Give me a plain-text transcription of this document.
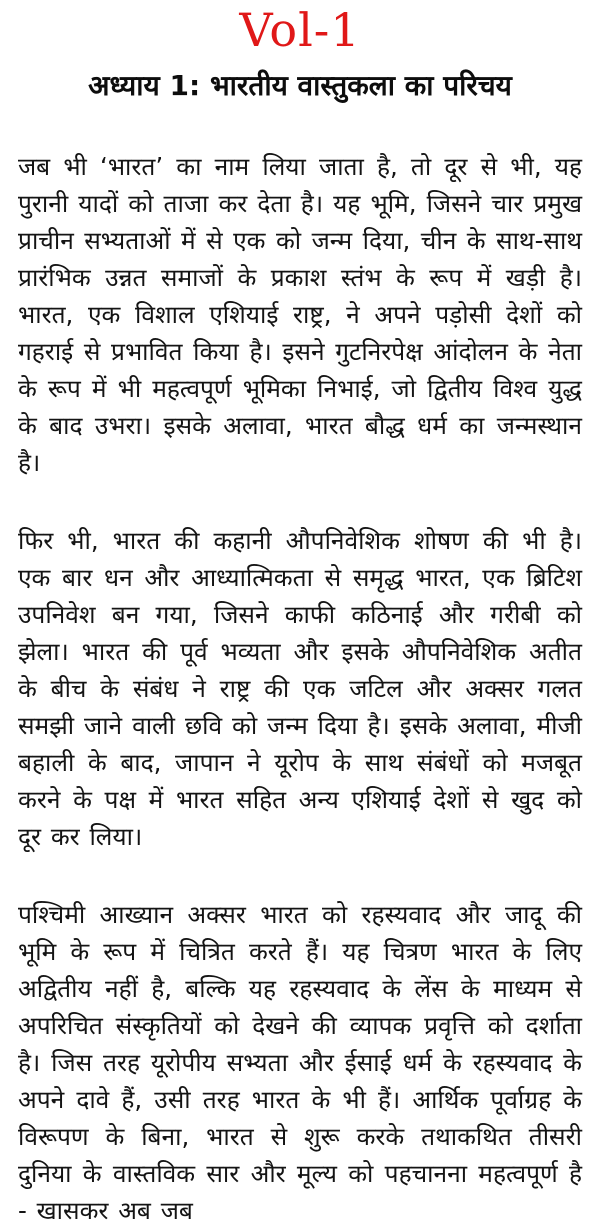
Vol-1
अध्याय 1: भारतीय वास्तुकला का परिचय

जब भी ‘भारत’ का नाम लिया जाता है, तो दूर से भी, यह पुरानी यादों को ताजा कर देता है। यह भूमि, जिसने चार प्रमुख प्राचीन सभ्यताओं में से एक को जन्म दिया, चीन के साथ-साथ प्रारंभिक उन्नत समाजों के प्रकाश स्तंभ के रूप में खड़ी है। भारत, एक विशाल एशियाई राष्ट्र, ने अपने पड़ोसी देशों को गहराई से प्रभावित किया है। इसने गुटनिरपेक्ष आंदोलन के नेता के रूप में भी महत्वपूर्ण भूमिका निभाई, जो द्वितीय विश्व युद्ध के बाद उभरा। इसके अलावा, भारत बौद्ध धर्म का जन्मस्थान है।

फिर भी, भारत की कहानी औपनिवेशिक शोषण की भी है। एक बार धन और आध्यात्मिकता से समृद्ध भारत, एक ब्रिटिश उपनिवेश बन गया, जिसने काफी कठिनाई और गरीबी को झेला। भारत की पूर्व भव्यता और इसके औपनिवेशिक अतीत के बीच के संबंध ने राष्ट्र की एक जटिल और अक्सर गलत समझी जाने वाली छवि को जन्म दिया है। इसके अलावा, मीजी बहाली के बाद, जापान ने यूरोप के साथ संबंधों को मजबूत करने के पक्ष में भारत सहित अन्य एशियाई देशों से खुद को दूर कर लिया।

पश्चिमी आख्यान अक्सर भारत को रहस्यवाद और जादू की भूमि के रूप में चित्रित करते हैं। यह चित्रण भारत के लिए अद्वितीय नहीं है, बल्कि यह रहस्यवाद के लेंस के माध्यम से अपरिचित संस्कृतियों को देखने की व्यापक प्रवृत्ति को दर्शाता है। जिस तरह यूरोपीय सभ्यता और ईसाई धर्म के रहस्यवाद के अपने दावे हैं, उसी तरह भारत के भी हैं। आर्थिक पूर्वाग्रह के विरूपण के बिना, भारत से शुरू करके तथाकथित तीसरी दुनिया के वास्तविक सार और मूल्य को पहचानना महत्वपूर्ण है - खासकर अब जब
